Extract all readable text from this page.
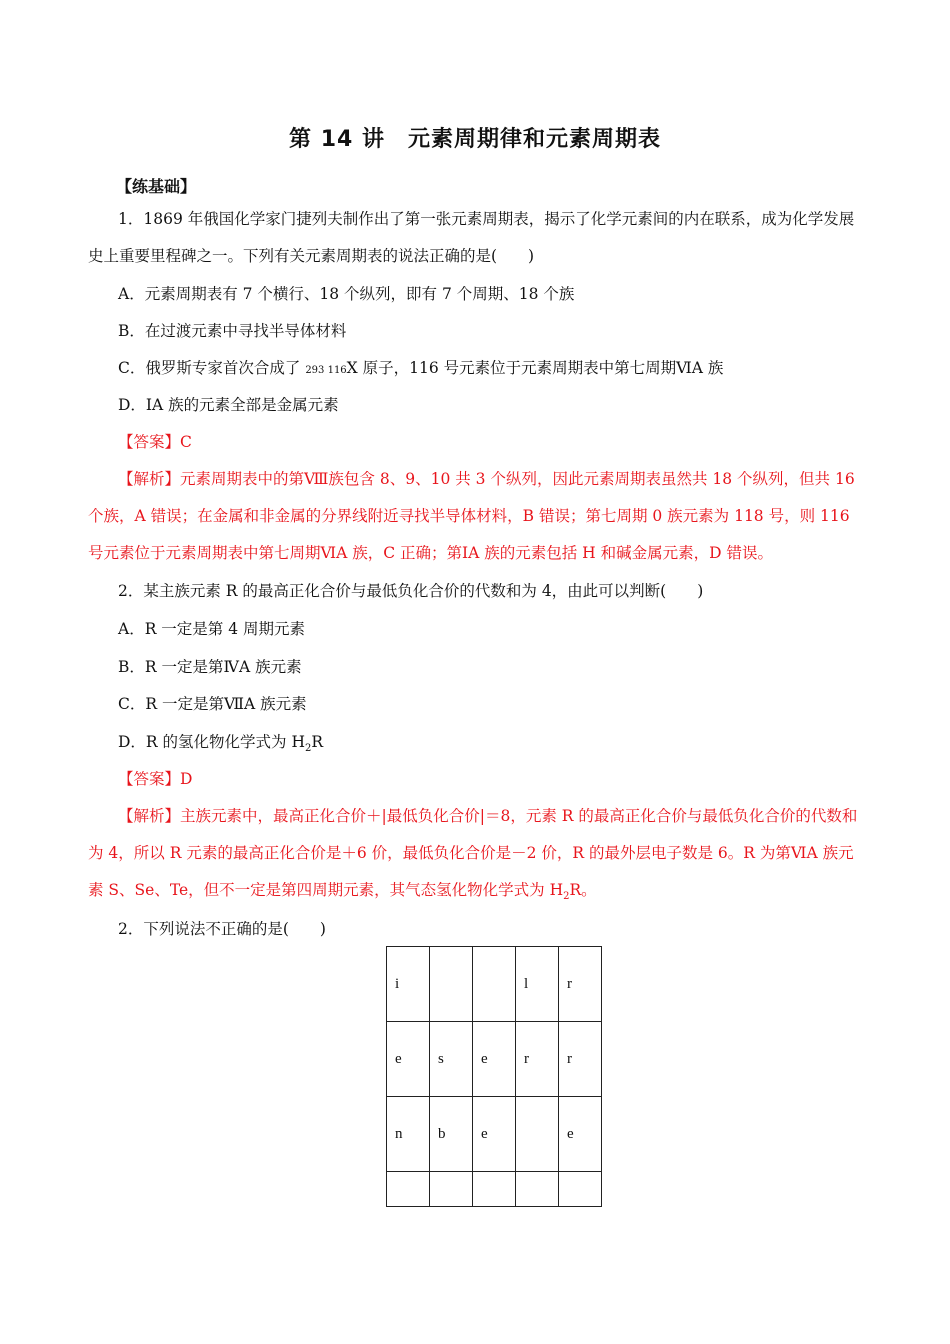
第 14 讲　元素周期律和元素周期表
【练基础】

1．1869 年俄国化学家门捷列夫制作出了第一张元素周期表，揭示了化学元素间的内在联系，成为化学发展史上重要里程碑之一。下列有关元素周期表的说法正确的是(　　)

A．元素周期表有 7 个横行、18 个纵列，即有 7 个周期、18 个族
B．在过渡元素中寻找半导体材料
C．俄罗斯专家首次合成了 293 116X 原子，116 号元素位于元素周期表中第七周期ⅥA 族
D．ⅠA 族的元素全部是金属元素
【答案】C

【解析】元素周期表中的第Ⅷ族包含 8、9、10 共 3 个纵列，因此元素周期表虽然共 18 个纵列，但共 16 个族，A 错误；在金属和非金属的分界线附近寻找半导体材料，B 错误；第七周期 0 族元素为 118 号，则 116 号元素位于元素周期表中第七周期ⅥA 族，C 正确；第ⅠA 族的元素包括 H 和碱金属元素，D 错误。

2．某主族元素 R 的最高正化合价与最低负化合价的代数和为 4，由此可以判断(　　)
A．R 一定是第 4 周期元素
B．R 一定是第ⅣA 族元素
C．R 一定是第ⅦA 族元素
D．R 的氢化物化学式为 $H_2R$
【答案】D

【解析】主族元素中，最高正化合价＋|最低负化合价|＝8，元素 R 的最高正化合价与最低负化合价的代数和为 4，所以 R 元素的最高正化合价是＋6 价，最低负化合价是－2 价，R 的最外层电子数是 6。R 为第ⅥA 族元素 S、Se、Te，但不一定是第四周期元素，其气态氢化物化学式为 $H_2R$。

2．下列说法不正确的是(　　)
i			l	r
e	s	e	r	r
n	b	e		e
